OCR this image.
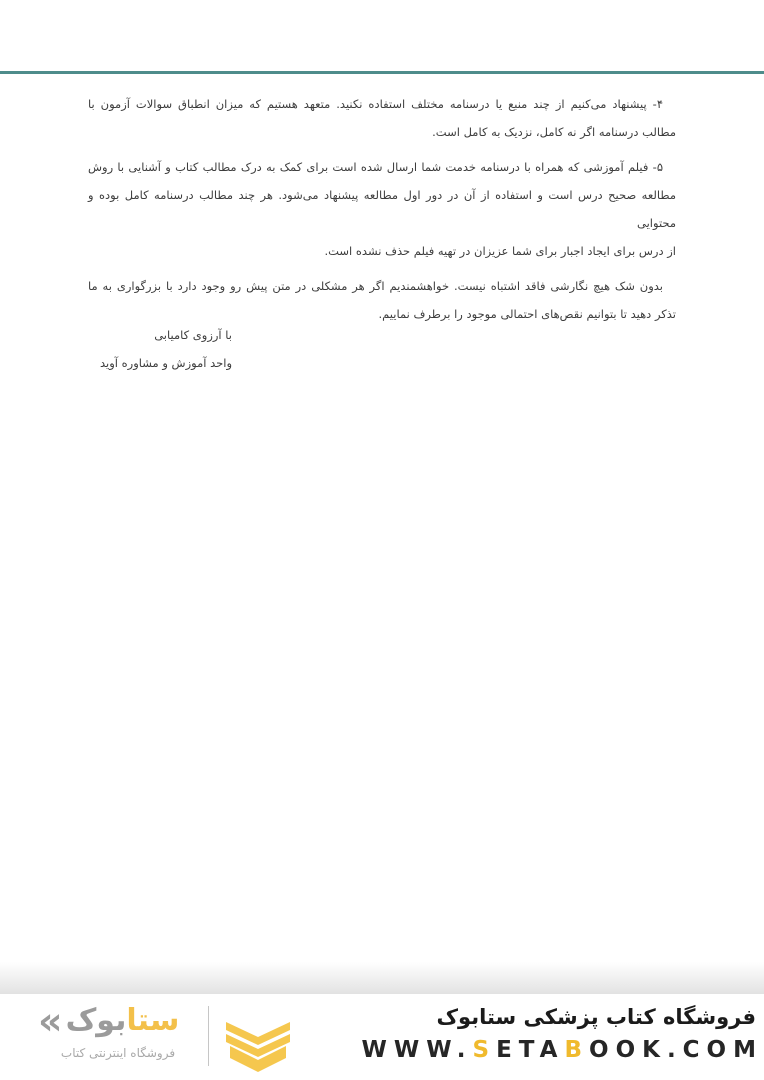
۴- پیشنهاد می‌کنیم از چند منبع یا درسنامه مختلف استفاده نکنید. متعهد هستیم که میزان انطباق سوالات آزمون با
مطالب درسنامه اگر نه کامل، نزدیک به کامل است.
۵- فیلم آموزشی که همراه با درسنامه خدمت شما ارسال شده است برای کمک به درک مطالب کتاب و آشنایی با روش
مطالعه صحیح درس است و استفاده از آن در دور اول مطالعه پیشنهاد می‌شود. هر چند مطالب درسنامه کامل بوده و محتوایی
از درس برای ایجاد اجبار برای شما عزیزان در تهیه فیلم حذف نشده است.
بدون شک هیچ نگارشی فاقد اشتباه نیست. خواهشمندیم اگر هر مشکلی در متن پیش رو وجود دارد با بزرگواری به ما
تذکر دهید تا بتوانیم نقص‌های احتمالی موجود را برطرف نماییم.
با آرزوی کامیابی
واحد آموزش و مشاوره آوید
« بوک ستا
فروشگاه اینترنتی کتاب
فروشگاه کتاب پزشکی ستابوک
WWW.SETABOOK.COM
